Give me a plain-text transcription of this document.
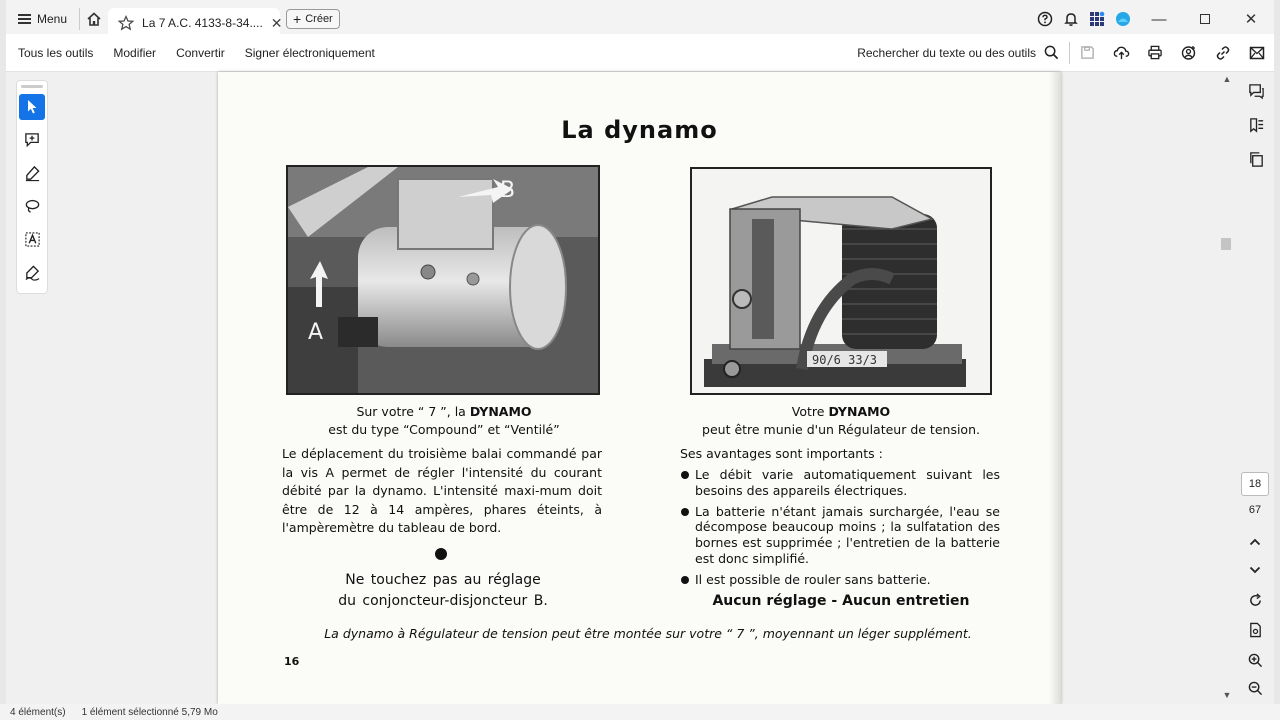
Menu	La 7 A.C. 4133-8-34.... ✕ + Créer	—	✕
Tous les outils	Modifier	Convertir	Signer électroniquement	Rechercher du texte ou des outils
La dynamo
B
A
90/6 33/3
Sur votre “ 7 ”, la DYNAMO
est du type “Compound” et “Ventilé”
Votre DYNAMO
peut être munie d'un Régulateur de tension.
Le déplacement du troisième balai commandé par la vis A permet de régler l'intensité du courant débité par la dynamo. L'intensité maxi-mum doit être de 12 à 14 ampères, phares éteints, à l'ampèremètre du tableau de bord.
Ne touchez pas au réglage
du conjoncteur-disjoncteur B.
Ses avantages sont importants :
Le débit varie automatiquement suivant les besoins des appareils électriques.
La batterie n'étant jamais surchargée, l'eau se décompose beaucoup moins ; la sulfatation des bornes est supprimée ; l'entretien de la batterie est donc simplifié.
Il est possible de rouler sans batterie.
Aucun réglage - Aucun entretien
La dynamo à Régulateur de tension peut être montée sur votre “ 7 ”, moyennant un léger supplément.
16
▲
▼
18
67
4 élément(s) 1 élément sélectionné 5,79 Mo
